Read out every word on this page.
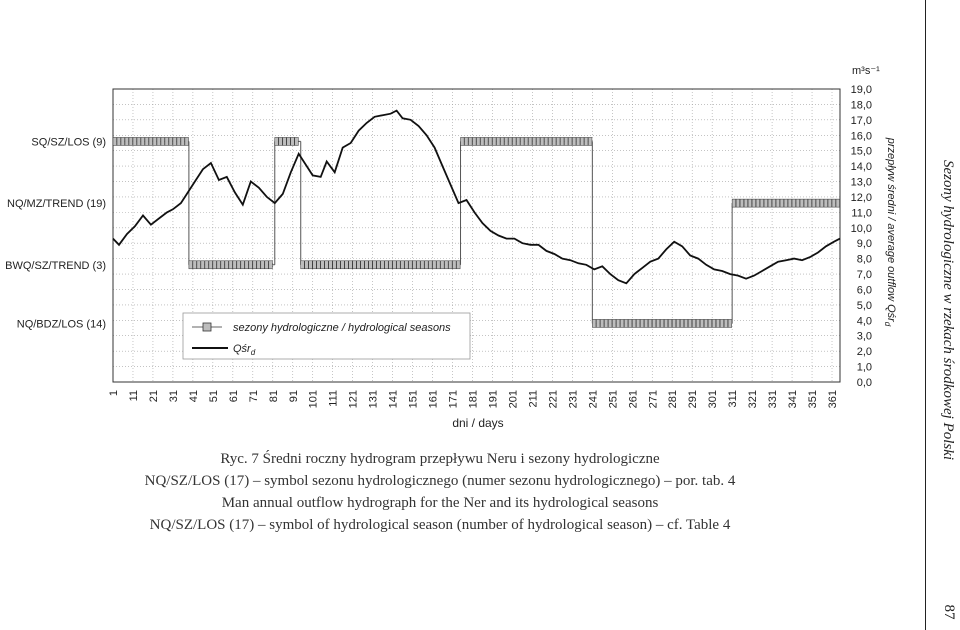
0,0
1,0
2,0
3,0
4,0
5,0
6,0
7,0
8,0
9,0
10,0
11,0
12,0
13,0
14,0
15,0
16,0
17,0
18,0
19,0
1 11 21 31 41 51 61 71 81 91 101 111 121 131 141 151 161 171 181 191 201 211 221 231 241 251 261 271 281 291 301 311 321 331 341 351 361
SQ/SZ/LOS (9)
NQ/MZ/TREND (19)
BWQ/SZ/TREND (3)
NQ/BDZ/LOS (14)
m³s⁻¹
dni / days
przepływ średni / average outflow Qśr$_d$
sezony hydrologiczne / hydrological seasons
Qśr$_d$	Sezony hydrologiczne w rzekach środkowej Polski
87
Ryc. 7 Średni roczny hydrogram przepływu Neru i sezony hydrologiczne
NQ/SZ/LOS (17) – symbol sezonu hydrologicznego (numer sezonu hydrologicznego) – por. tab. 4
Man annual outflow hydrograph for the Ner and its hydrological seasons
NQ/SZ/LOS (17) – symbol of hydrological season (number of hydrological season) – cf. Table 4
